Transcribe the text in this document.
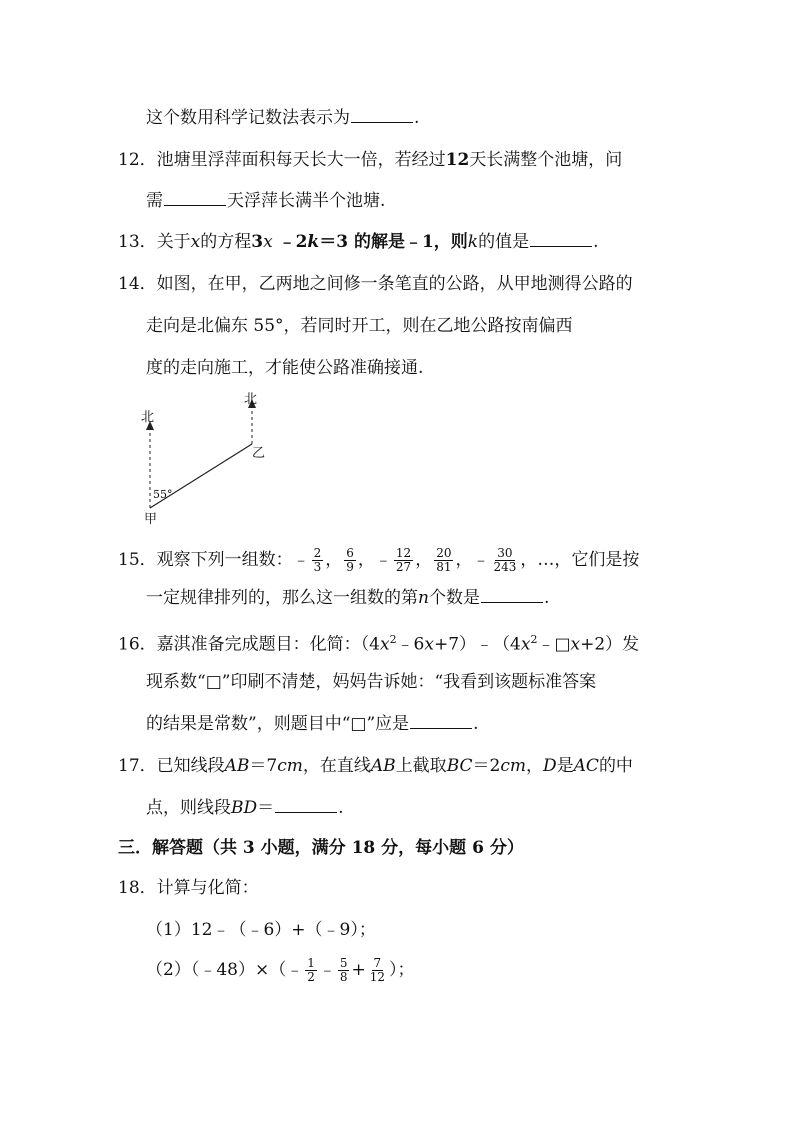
这个数用科学记数法表示为	.
12．池塘里浮萍面积每天长大一倍，若经过12天长满整个池塘，问
需	天浮萍长满半个池塘.
13．关于x的方程3x ﹣2k＝3 的解是﹣1，则k的值是	.
14．如图，在甲，乙两地之间修一条笔直的公路，从甲地测得公路的
走向是北偏东 55°，若同时开工，则在乙地公路按南偏西
度的走向施工，才能使公路准确接通.
北
北
乙
55°
甲
15．观察下列一组数：﹣ $\frac{2}{3}$ ， $\frac{6}{9}$ ，﹣ $\frac{12}{27}$ ， $\frac{20}{81}$ ，﹣ $\frac{30}{243}$ ，…，它们是按
一定规律排列的，那么这一组数的第n个数是	.
16．嘉淇准备完成题目：化简：$(4x^2﹣6x+7)﹣(4x^2﹣□x+2)$发
现系数“□”印刷不清楚，妈妈告诉她：“我看到该题标准答案
的结果是常数”，则题目中“□”应是	.
17．已知线段AB＝7cm，在直线AB上截取BC＝2cm，D是AC的中
点，则线段BD＝	.
三．解答题（共 3 小题，满分 18 分，每小题 6 分）
18．计算与化简：
（1）12﹣（﹣6）+（﹣9）；
（2）（﹣48）×（﹣ $\frac{1}{2}$ ﹣ $\frac{5}{8} + \frac{7}{12}$ ）；
